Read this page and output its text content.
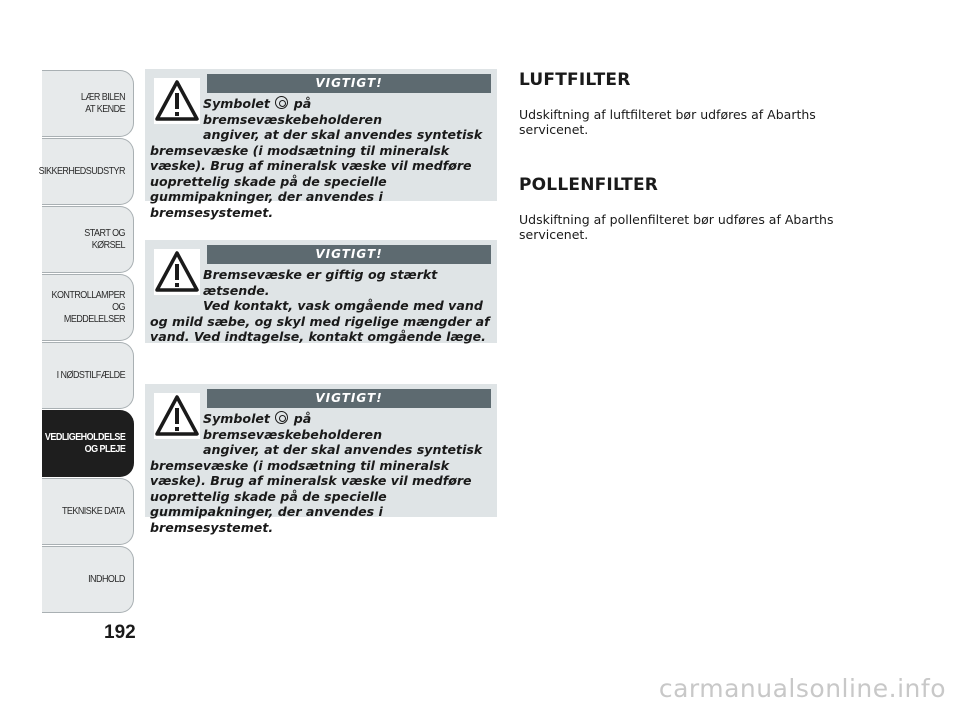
LÆR BILEN
AT KENDE
SIKKERHEDSUDSTYR
START OG KØRSEL
KONTROLLAMPER
OG MEDDELELSER
I NØDSTILFÆLDE
VEDLIGEHOLDELSE
OG PLEJE
TEKNISKE DATA
INDHOLD
192
VIGTIGT!
Symbolet på bremsevæskebeholderen
angiver, at der skal anvendes syntetisk bremsevæske (i modsætning til mineralsk væske). Brug af mineralsk væske vil medføre uoprettelig skade på de specielle gummipakninger, der anvendes i bremsesystemet.
VIGTIGT!
Bremsevæske er giftig og stærkt ætsende.
Ved kontakt, vask omgående med vand og mild sæbe, og skyl med rigelige mængder af vand. Ved indtagelse, kontakt omgående læge.
VIGTIGT!
Symbolet på bremsevæskebeholderen
angiver, at der skal anvendes syntetisk bremsevæske (i modsætning til mineralsk væske). Brug af mineralsk væske vil medføre uoprettelig skade på de specielle gummipakninger, der anvendes i bremsesystemet.
LUFTFILTER
Udskiftning af luftfilteret bør udføres af Abarths servicenet.
POLLENFILTER
Udskiftning af pollenfilteret bør udføres af Abarths servicenet.
carmanualsonline.info
